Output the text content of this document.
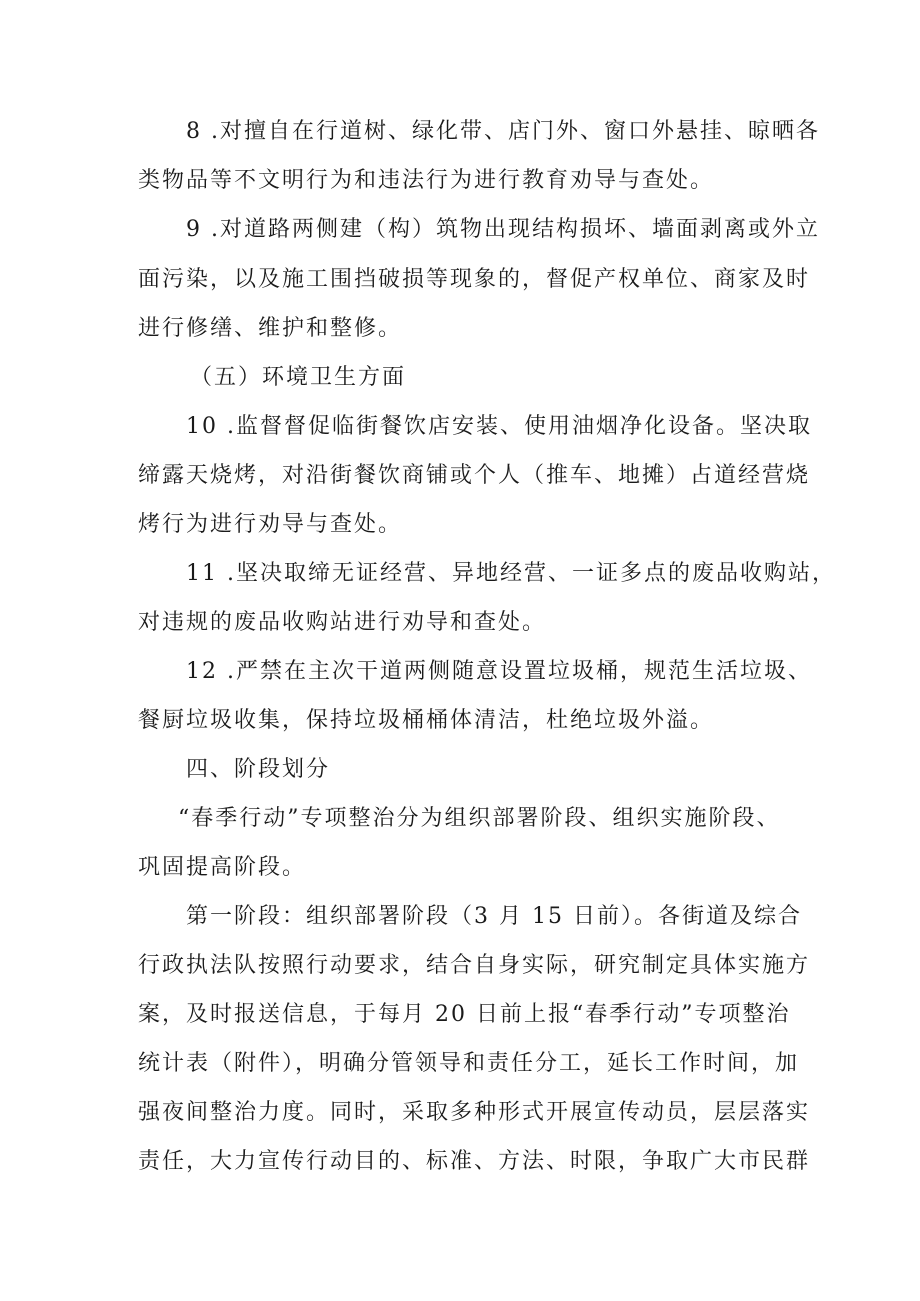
8 .对擅自在行道树、绿化带、店门外、窗口外悬挂、晾晒各
类物品等不文明行为和违法行为进行教育劝导与查处。
9 .对道路两侧建（构）筑物出现结构损坏、墙面剥离或外立
面污染，以及施工围挡破损等现象的，督促产权单位、商家及时
进行修缮、维护和整修。
（五）环境卫生方面
10 .监督督促临街餐饮店安装、使用油烟净化设备。坚决取
缔露天烧烤，对沿街餐饮商铺或个人（推车、地摊）占道经营烧
烤行为进行劝导与查处。
11 .坚决取缔无证经营、异地经营、一证多点的废品收购站，
对违规的废品收购站进行劝导和查处。
12 .严禁在主次干道两侧随意设置垃圾桶，规范生活垃圾、
餐厨垃圾收集，保持垃圾桶桶体清洁，杜绝垃圾外溢。
四、阶段划分
“春季行动”专项整治分为组织部署阶段、组织实施阶段、
巩固提高阶段。
第一阶段：组织部署阶段（3 月 15 日前）。各街道及综合
行政执法队按照行动要求，结合自身实际，研究制定具体实施方
案，及时报送信息，于每月 20 日前上报“春季行动”专项整治
统计表（附件），明确分管领导和责任分工，延长工作时间，加
强夜间整治力度。同时，采取多种形式开展宣传动员，层层落实
责任，大力宣传行动目的、标准、方法、时限，争取广大市民群
